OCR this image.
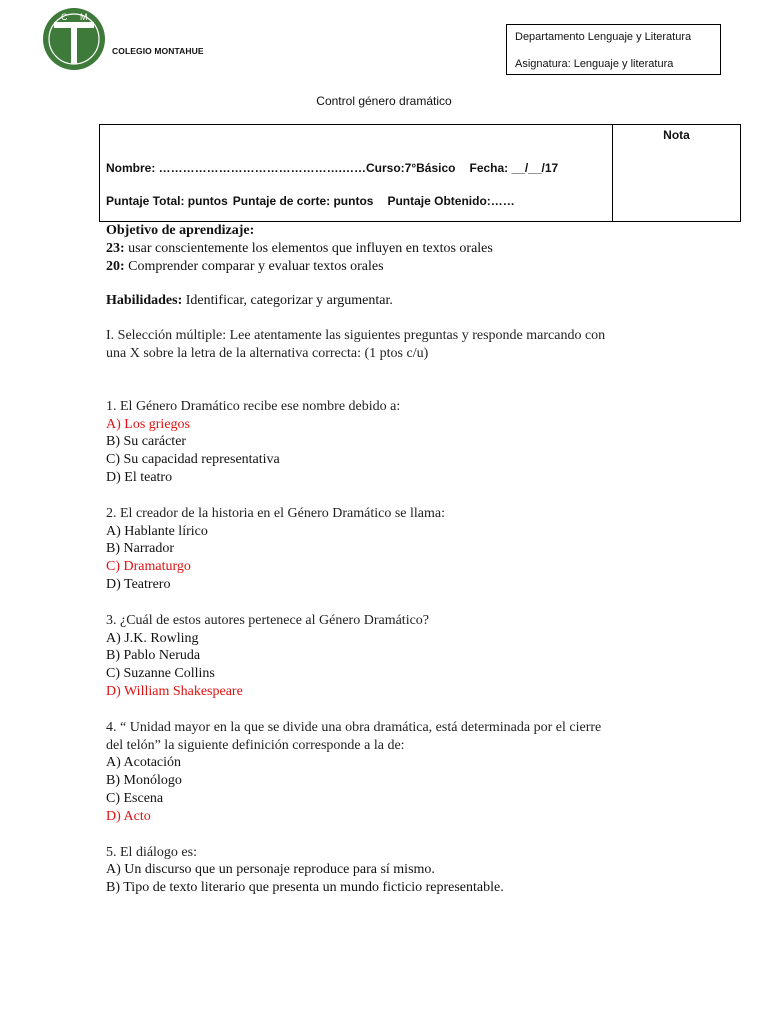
C M
COLEGIO MONTAHUE
Departamento Lenguaje y Literatura
Asignatura: Lenguaje y literatura
Control género dramático
Nota
Nombre: ……………………………………….……Curso:7°Básico Fecha: __/__/17
Puntaje Total: puntos Puntaje de corte: puntos Puntaje Obtenido:……

Objetivo de aprendizaje:

23: usar conscientemente los elementos que influyen en textos orales

20: Comprender comparar y evaluar textos orales

Habilidades: Identificar, categorizar y argumentar.

I. Selección múltiple: Lee atentamente las siguientes preguntas y responde marcando con

una X sobre la letra de la alternativa correcta: (1 ptos c/u)

1. El Género Dramático recibe ese nombre debido a:

A) Los griegos

B) Su carácter

C) Su capacidad representativa

D) El teatro

2. El creador de la historia en el Género Dramático se llama:

A) Hablante lírico

B) Narrador

C) Dramaturgo

D) Teatrero

3. ¿Cuál de estos autores pertenece al Género Dramático?

A) J.K. Rowling

B) Pablo Neruda

C) Suzanne Collins

D) William Shakespeare

4. “ Unidad mayor en la que se divide una obra dramática, está determinada por el cierre

del telón” la siguiente definición corresponde a la de:

A) Acotación

B) Monólogo

C) Escena

D) Acto

5. El diálogo es:

A) Un discurso que un personaje reproduce para sí mismo.

B) Tipo de texto literario que presenta un mundo ficticio representable.
